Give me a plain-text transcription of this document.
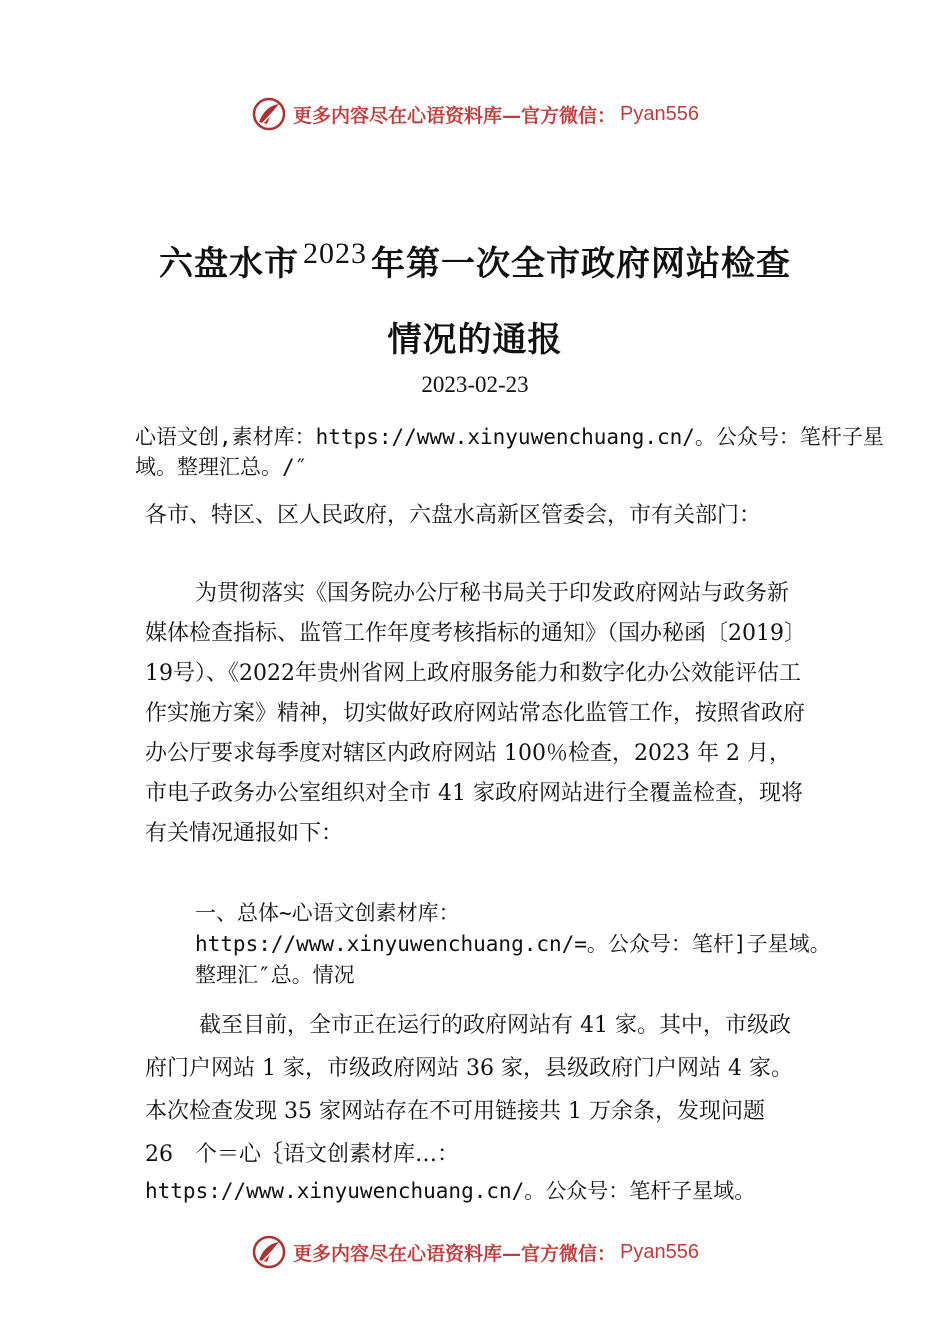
更多内容尽在心语资料库—官方微信： Pyan556
六盘水市 $^{2023}$ 年第一次全市政府网站检查
情况的通报
2023-02-23
心语文创,素材库：https://www.xinyuwenchuang.cn/。公众号：笔杆子星域。整理汇总。/″

各市、特区、区人民政府，六盘水高新区管委会，市有关部门：

为贯彻落实《国务院办公厅秘书局关于印发政府网站与政务新媒体检查指标、监管工作年度考核指标的通知》（国办秘函〔2019〕19号）、《2022年贵州省网上政府服务能力和数字化办公效能评估工作实施方案》精神，切实做好政府网站常态化监管工作，按照省政府办公厅要求每季度对辖区内政府网站 100％检查，2023 年 2 月，市电子政务办公室组织对全市 41 家政府网站进行全覆盖检查，现将有关情况通报如下：

一、总体~心语文创素材库：https://www.xinyuwenchuang.cn/=。公众号：笔杆]子星域。整理汇″总。情况

截至目前，全市正在运行的政府网站有 41 家。其中，市级政府门户网站 1 家，市级政府网站 36 家，县级政府门户网站 4 家。本次检查发现 35 家网站存在不可用链接共 1 万余条，发现问题　26　个＝心｛语文创素材库…：

https://www.xinyuwenchuang.cn/。公众号：笔杆子星域。
更多内容尽在心语资料库—官方微信： Pyan556
